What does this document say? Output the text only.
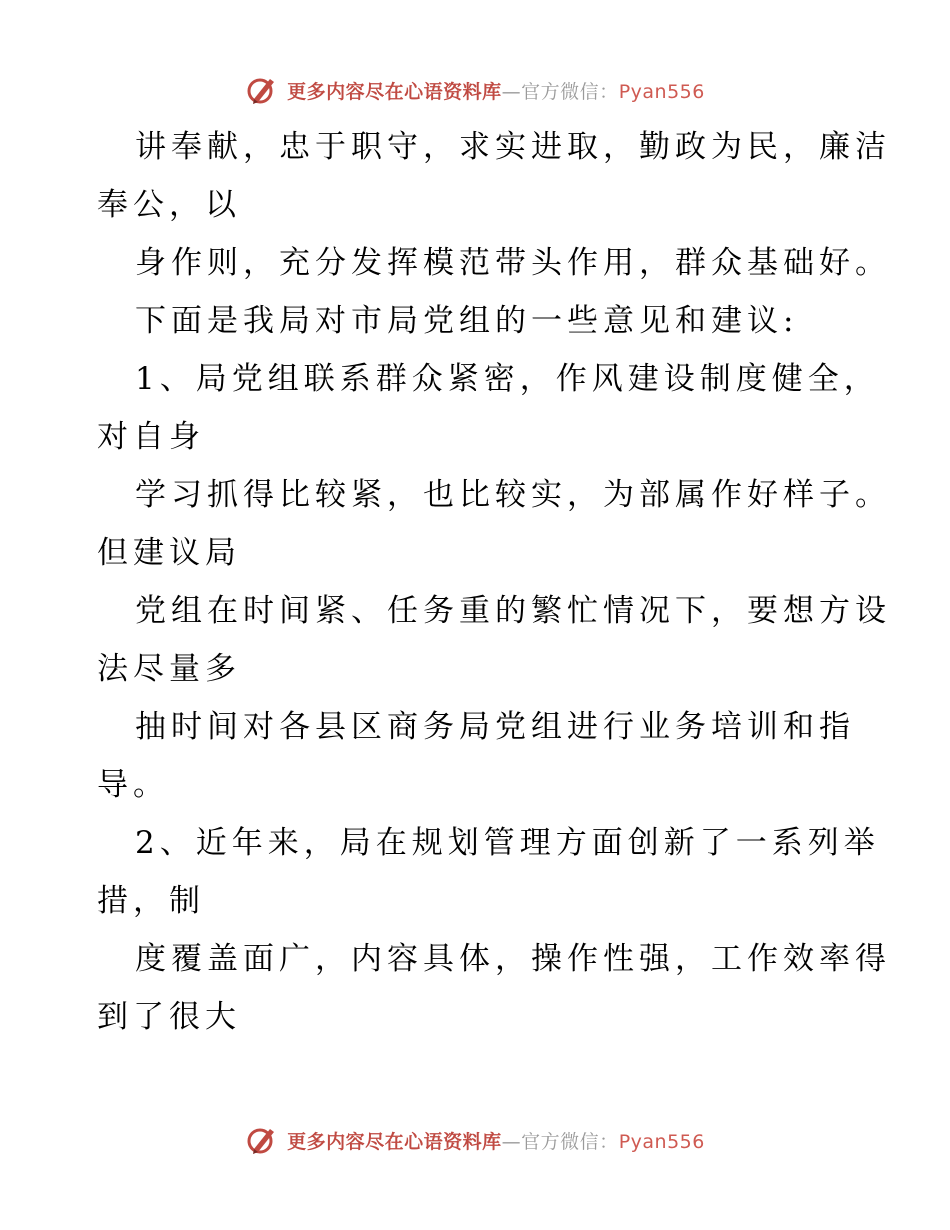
更多内容尽在心语资料库—官方微信：Pyan556
讲奉献，忠于职守，求实进取，勤政为民，廉洁
奉公，以
身作则，充分发挥模范带头作用，群众基础好。
下面是我局对市局党组的一些意见和建议:
1、局党组联系群众紧密，作风建设制度健全，
对自身
学习抓得比较紧，也比较实，为部属作好样子。
但建议局
党组在时间紧、任务重的繁忙情况下，要想方设
法尽量多
抽时间对各县区商务局党组进行业务培训和指
导。
2、近年来，局在规划管理方面创新了一系列举
措，制
度覆盖面广，内容具体，操作性强，工作效率得
到了很大
更多内容尽在心语资料库—官方微信：Pyan556
